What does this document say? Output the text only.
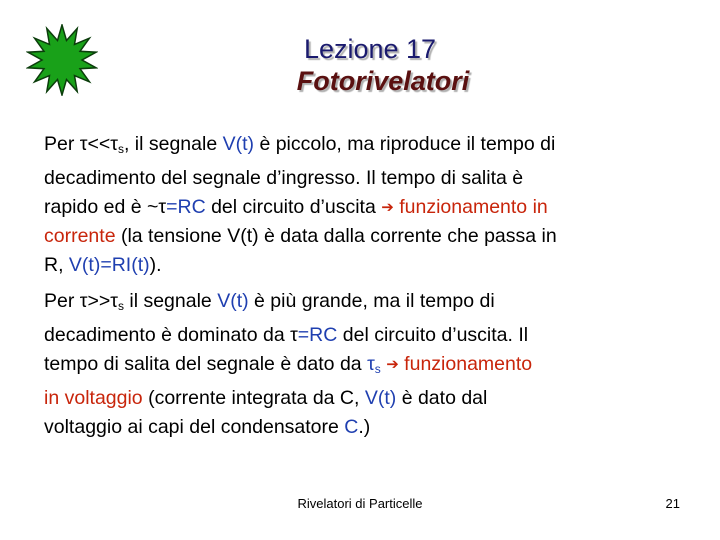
Lezione 17
Fotorivelatori
Per $\tau<<\tau_s$, il segnale V(t) è piccolo, ma riproduce il tempo di
decadimento del segnale d’ingresso. Il tempo di salita è
rapido ed è ~τ=RC del circuito d’uscita ➔ funzionamento in
corrente (la tensione V(t) è data dalla corrente che passa in
R, V(t)=RI(t)).
Per $\tau>>\tau_s$ il segnale V(t) è più grande, ma il tempo di
decadimento è dominato da τ=RC del circuito d’uscita. Il
tempo di salita del segnale è dato da $\tau_s$ ➔ funzionamento
in voltaggio (corrente integrata da C, V(t) è dato dal
voltaggio ai capi del condensatore C.)
Rivelatori di Particelle	21
